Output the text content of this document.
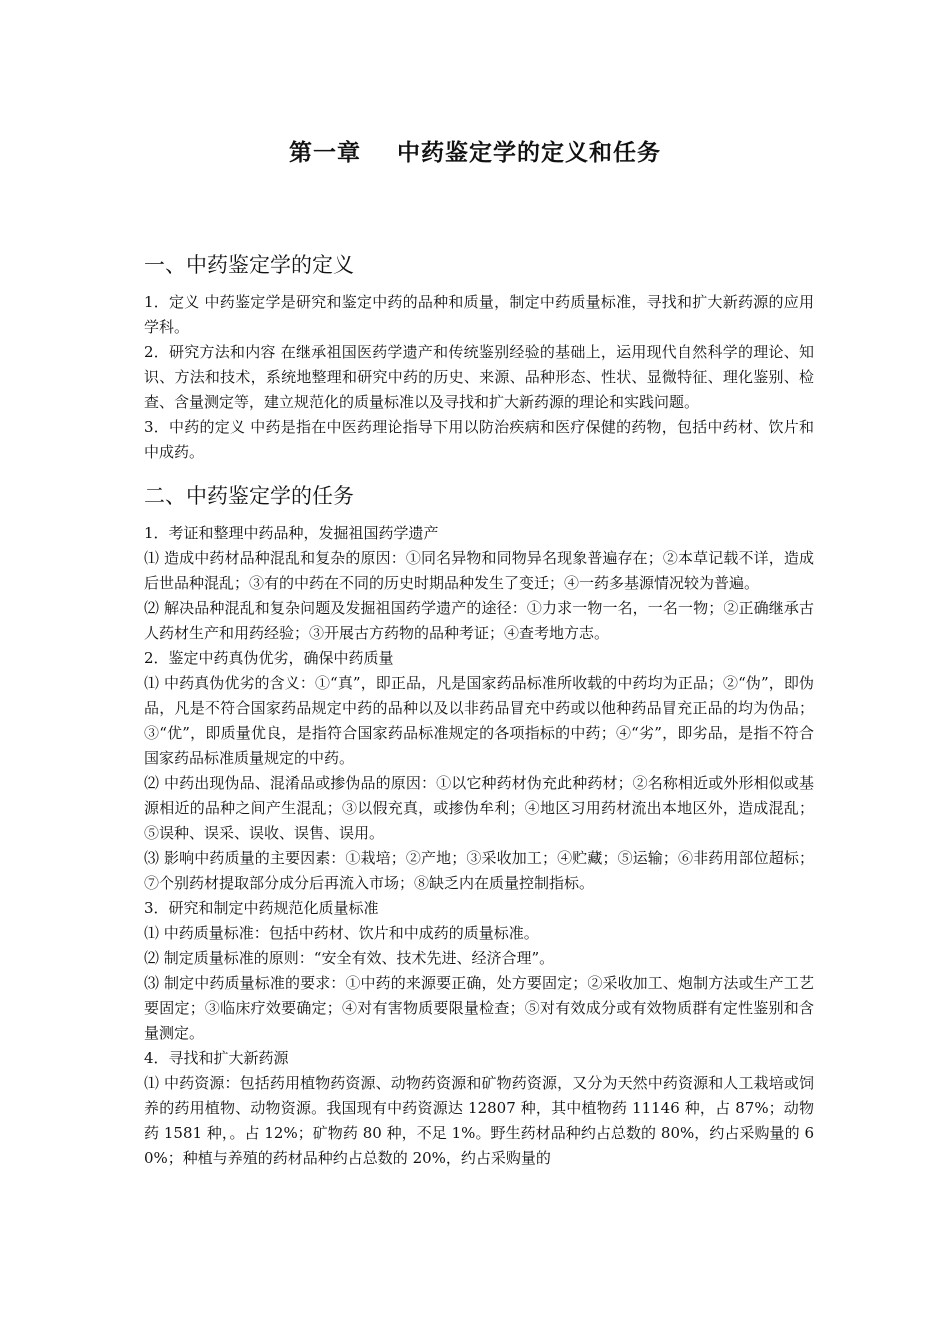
第一章    中药鉴定学的定义和任务
一、中药鉴定学的定义

1．定义 中药鉴定学是研究和鉴定中药的品种和质量，制定中药质量标准，寻找和扩大新药源的应用学科。

2．研究方法和内容 在继承祖国医药学遗产和传统鉴别经验的基础上，运用现代自然科学的理论、知识、方法和技术，系统地整理和研究中药的历史、来源、品种形态、性状、显微特征、理化鉴别、检查、含量测定等，建立规范化的质量标准以及寻找和扩大新药源的理论和实践问题。

3．中药的定义 中药是指在中医药理论指导下用以防治疾病和医疗保健的药物，包括中药材、饮片和中成药。

二、中药鉴定学的任务

1．考证和整理中药品种，发掘祖国药学遗产

⑴ 造成中药材品种混乱和复杂的原因：①同名异物和同物异名现象普遍存在；②本草记载不详，造成后世品种混乱；③有的中药在不同的历史时期品种发生了变迁；④一药多基源情况较为普遍。

⑵ 解决品种混乱和复杂问题及发掘祖国药学遗产的途径：①力求一物一名，一名一物；②正确继承古人药材生产和用药经验；③开展古方药物的品种考证；④查考地方志。

2．鉴定中药真伪优劣，确保中药质量

⑴ 中药真伪优劣的含义：①“真”，即正品，凡是国家药品标准所收载的中药均为正品；②“伪”，即伪品，凡是不符合国家药品规定中药的品种以及以非药品冒充中药或以他种药品冒充正品的均为伪品；③“优”，即质量优良，是指符合国家药品标准规定的各项指标的中药；④“劣”，即劣品，是指不符合国家药品标准质量规定的中药。

⑵ 中药出现伪品、混淆品或掺伪品的原因：①以它种药材伪充此种药材；②名称相近或外形相似或基源相近的品种之间产生混乱；③以假充真，或掺伪牟利；④地区习用药材流出本地区外，造成混乱；⑤误种、误采、误收、误售、误用。

⑶ 影响中药质量的主要因素：①栽培；②产地；③采收加工；④贮藏；⑤运输；⑥非药用部位超标；⑦个别药材提取部分成分后再流入市场；⑧缺乏内在质量控制指标。

3．研究和制定中药规范化质量标准

⑴ 中药质量标准：包括中药材、饮片和中成药的质量标准。

⑵ 制定质量标准的原则：“安全有效、技术先进、经济合理”。

⑶ 制定中药质量标准的要求：①中药的来源要正确，处方要固定；②采收加工、炮制方法或生产工艺要固定；③临床疗效要确定；④对有害物质要限量检查；⑤对有效成分或有效物质群有定性鉴别和含量测定。

4．寻找和扩大新药源

⑴ 中药资源：包括药用植物药资源、动物药资源和矿物药资源，又分为天然中药资源和人工栽培或饲养的药用植物、动物资源。我国现有中药资源达 12807 种，其中植物药 11146 种，占 87%；动物药 1581 种，。占 12%；矿物药 80 种，不足 1%。野生药材品种约占总数的 80%，约占采购量的 60%；种植与养殖的药材品种约占总数的 20%，约占采购量的
